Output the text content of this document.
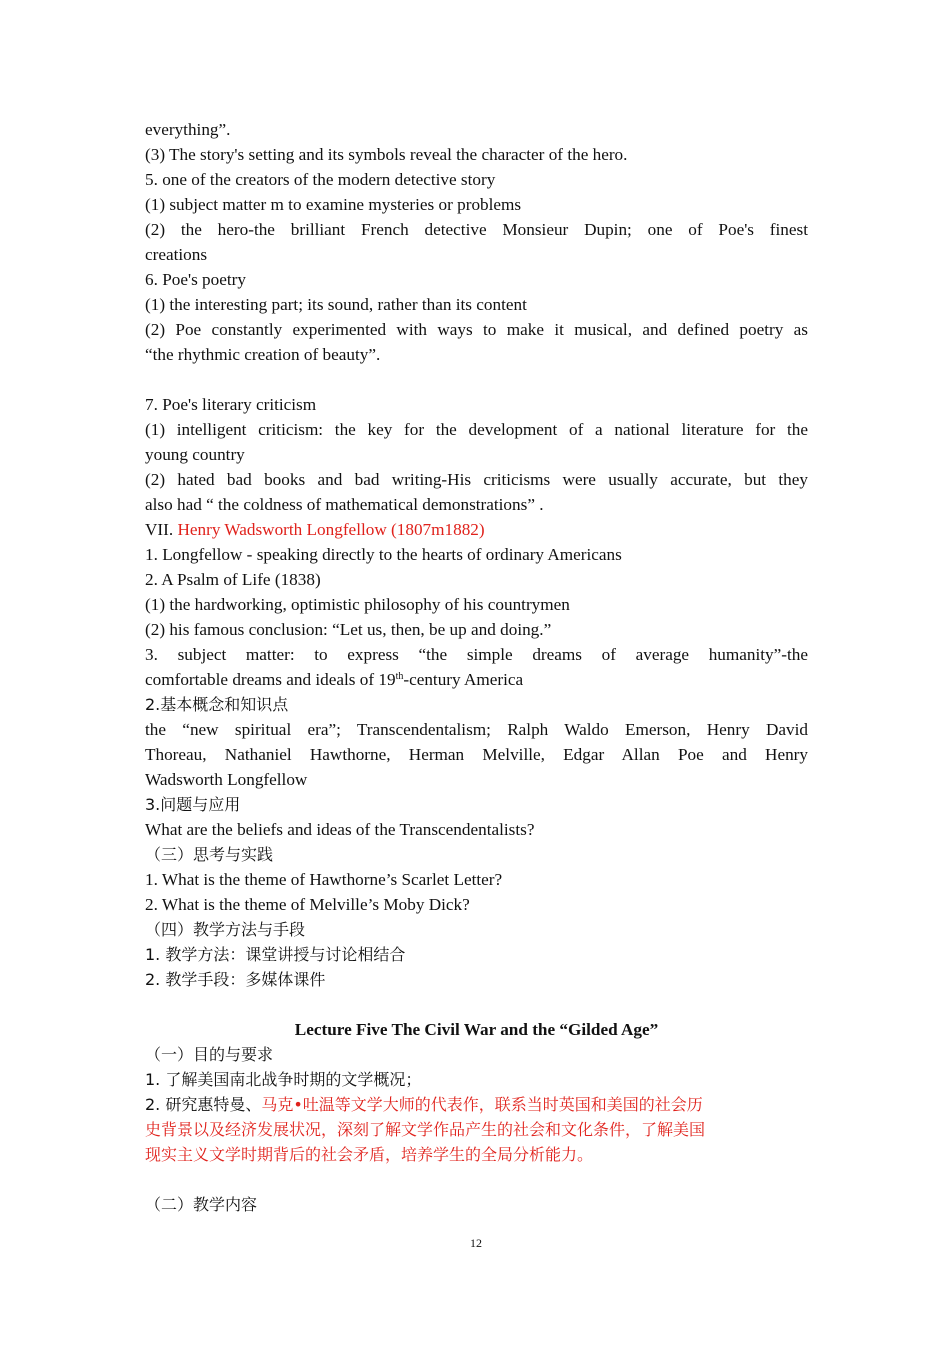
everything”.
(3) The story's setting and its symbols reveal the character of the hero.
5. one of the creators of the modern detective story
(1) subject matter m to examine mysteries or problems
(2) the hero-the brilliant French detective Monsieur Dupin; one of Poe's finest
creations
6. Poe's poetry
(1) the interesting part; its sound, rather than its content
(2) Poe constantly experimented with ways to make it musical, and defined poetry as
“the rhythmic creation of beauty”.
7. Poe's literary criticism
(1) intelligent criticism: the key for the development of a national literature for the
young country
(2) hated bad books and bad writing-His criticisms were usually accurate, but they
also had “ the coldness of mathematical demonstrations” .
VII. Henry Wadsworth Longfellow (1807m1882)
1. Longfellow - speaking directly to the hearts of ordinary Americans
2. A Psalm of Life (1838)
(1) the hardworking, optimistic philosophy of his countrymen
(2) his famous conclusion: “Let us, then, be up and doing.”
3. subject matter: to express “the simple dreams of average humanity”-the
comfortable dreams and ideals of 19th-century America
2.基本概念和知识点
the “new spiritual era”; Transcendentalism; Ralph Waldo Emerson, Henry David
Thoreau, Nathaniel Hawthorne, Herman Melville, Edgar Allan Poe and Henry
Wadsworth Longfellow
3.问题与应用
What are the beliefs and ideas of the Transcendentalists?
（三）思考与实践
1. What is the theme of Hawthorne’s Scarlet Letter?
2. What is the theme of Melville’s Moby Dick?
（四）教学方法与手段
1. 教学方法：课堂讲授与讨论相结合
2. 教学手段：多媒体课件
Lecture Five The Civil War and the “Gilded Age”
（一）目的与要求
1. 了解美国南北战争时期的文学概况；
2. 研究惠特曼、马克•吐温等文学大师的代表作，联系当时英国和美国的社会历
史背景以及经济发展状况，深刻了解文学作品产生的社会和文化条件，了解美国
现实主义文学时期背后的社会矛盾，培养学生的全局分析能力。
（二）教学内容
12
